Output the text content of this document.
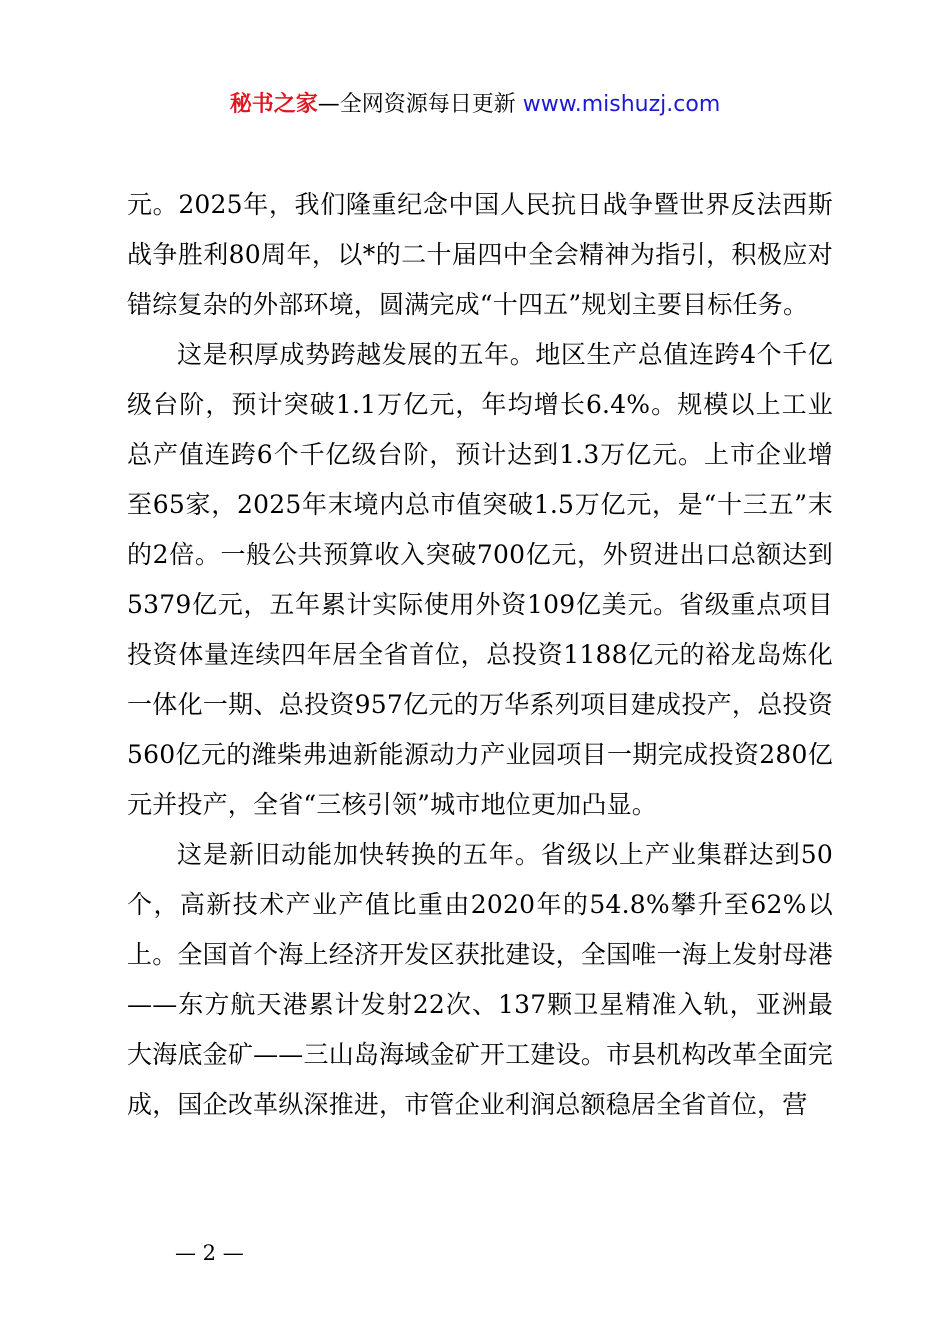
秘书之家—全网资源每日更新 www.mishuzj.com

元。2025年，我们隆重纪念中国人民抗日战争暨世界反法西斯战争胜利80周年，以*的二十届四中全会精神为指引，积极应对错综复杂的外部环境，圆满完成“十四五”规划主要目标任务。

这是积厚成势跨越发展的五年。地区生产总值连跨4个千亿级台阶，预计突破1.1万亿元，年均增长6.4%。规模以上工业总产值连跨6个千亿级台阶，预计达到1.3万亿元。上市企业增至65家，2025年末境内总市值突破1.5万亿元，是“十三五”末的2倍。一般公共预算收入突破700亿元，外贸进出口总额达到5379亿元，五年累计实际使用外资109亿美元。省级重点项目投资体量连续四年居全省首位，总投资1188亿元的裕龙岛炼化一体化一期、总投资957亿元的万华系列项目建成投产，总投资560亿元的潍柴弗迪新能源动力产业园项目一期完成投资280亿元并投产，全省“三核引领”城市地位更加凸显。

这是新旧动能加快转换的五年。省级以上产业集群达到50个，高新技术产业产值比重由2020年的54.8%攀升至62%以上。全国首个海上经济开发区获批建设，全国唯一海上发射母港——东方航天港累计发射22次、137颗卫星精准入轨，亚洲最大海底金矿——三山岛海域金矿开工建设。市县机构改革全面完成，国企改革纵深推进，市管企业利润总额稳居全省首位，营

— 2 —
